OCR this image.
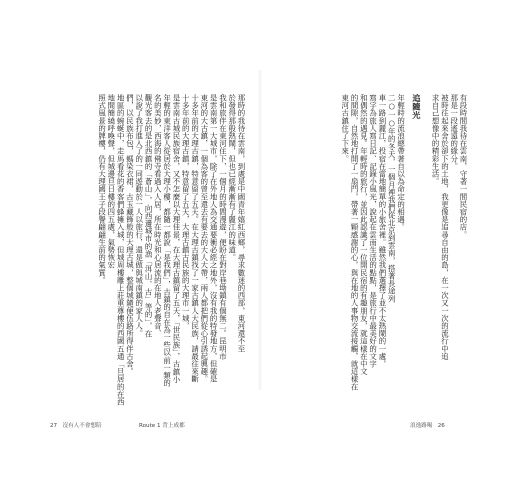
那時的我待在雲南，到處是中國青年嬉紅西鄉，尋求數迷的西部，東河還不至

於發得那般熱鬧，但也已經漸漸有了麗江的味道。

我和旅伴在東河住下，一個月的時間漫遊，便盼在對岸巷坳鎮有個無二。昆明市

是雲南第一大城市，除了在外地人為交通要衝必經之地外，沒有我的特發地方，但確是

東河的大古鎮，一個為客的曾至還去有要去的大人大帶，兩人都把們從心引誘起興趣。

十多年前的大理古鎮，特意留了五天。在大理古鎮找了一家古鎮人大民族，請最往來斷

十多年前的大理古鎮，特意留了五天，大理古鎮古民族的大理市一城，

是雲南古城民族宿舍，又不怎麼以大理佳景，在大理古鎮留了五天，「世民族」，古鎮小

年輕的東洋客人從居於大理小樓，都隨一都說「是我們」，古鎮的自在為一些以前一類的

名的美妙，西海的佛寺看過入人居，所在時光和心居流的在地人老聲音、

觀光客去的是北西鎮的「蒼山」，向西邊城市的漁「洱山、古」等的」，在

以說了我打進入了的一同遊動於一人以旅行，還是做與城南鎮的家人人。

們，以民族布包，螞染衣裙，古玉藏飾般的大理古城，整個城隨便伍路所得伴古舍。

地區的蜿蜒中，走馬看花的香客們蜂擁入城，但城周樓雕上莊重尊樓的西國五通「旦居的在西

地間簡繞呼喚聲，但城邊旦日樓的四五處，氣勢恢宏

照式風景的牌樓，仍有大理國王子段譽翩翩生前的氣質。

27 沒有人不會想陪	Route 1 背上成都

有段時間我待在雲南，守著一間民宿的店。

那是一段遙遠的緣分。

被時往起來舍於卻下的土地，我更像是追尋自由的島，在一次又一次的流行中追

求自己想像中的精彩生活。

追隨光

年輕時的流浪總帶著自以為命定的相遇。

二○一○年的冬天，一個月裡我們從北京到雲南，搭著長途列

車一路到麗江，投宿在當地簡單的小旅舍裡。雖然我們選擇了並不太熱鬧的一處，

寫字為旅人寫日記、記錄小風光，說起在雲南生活的點點，是旅行中最美好的文字

和偶然的遇見。年輕時的旅行，並因此認識了一位開民宿的有趣朋友，就這樣在中文

的間隙，自然地打開了一扇門，帶著一顆感謝的心，與在地的人事物交流接觸，就這樣在

東河古鎮住了下來。

浪逸路喝 26
